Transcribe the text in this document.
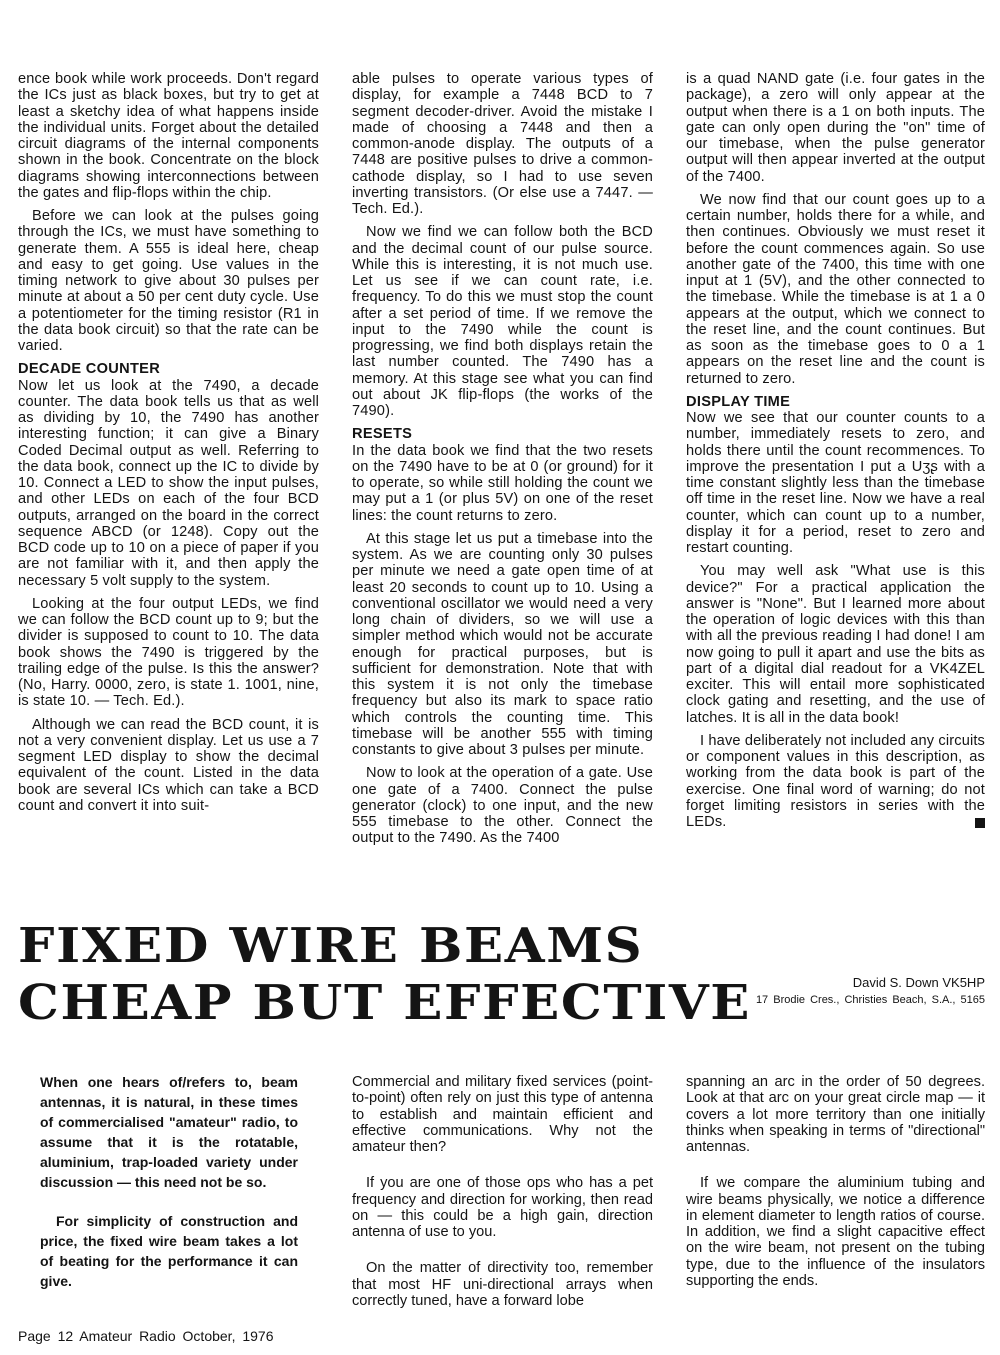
ence book while work proceeds. Don't regard the ICs just as black boxes, but try to get at least a sketchy idea of what happens inside the individual units. Forget about the detailed circuit diagrams of the internal components shown in the book. Concentrate on the block diagrams showing interconnections between the gates and flip-flops within the chip.

Before we can look at the pulses going through the ICs, we must have something to generate them. A 555 is ideal here, cheap and easy to get going. Use values in the timing network to give about 30 pulses per minute at about a 50 per cent duty cycle. Use a potentiometer for the timing resistor (R1 in the data book circuit) so that the rate can be varied.

DECADE COUNTER

Now let us look at the 7490, a decade counter. The data book tells us that as well as dividing by 10, the 7490 has another interesting function; it can give a Binary Coded Decimal output as well. Referring to the data book, connect up the IC to divide by 10. Connect a LED to show the input pulses, and other LEDs on each of the four BCD outputs, arranged on the board in the correct sequence ABCD (or 1248). Copy out the BCD code up to 10 on a piece of paper if you are not familiar with it, and then apply the necessary 5 volt supply to the system.

Looking at the four output LEDs, we find we can follow the BCD count up to 9; but the divider is supposed to count to 10. The data book shows the 7490 is triggered by the trailing edge of the pulse. Is this the answer? (No, Harry. 0000, zero, is state 1. 1001, nine, is state 10. — Tech. Ed.).

Although we can read the BCD count, it is not a very convenient display. Let us use a 7 segment LED display to show the decimal equivalent of the count. Listed in the data book are several ICs which can take a BCD count and convert it into suit-

able pulses to operate various types of display, for example a 7448 BCD to 7 segment decoder-driver. Avoid the mistake I made of choosing a 7448 and then a common-anode display. The outputs of a 7448 are positive pulses to drive a common-cathode display, so I had to use seven inverting transistors. (Or else use a 7447. — Tech. Ed.).

Now we find we can follow both the BCD and the decimal count of our pulse source. While this is interesting, it is not much use. Let us see if we can count rate, i.e. frequency. To do this we must stop the count after a set period of time. If we remove the input to the 7490 while the count is progressing, we find both displays retain the last number counted. The 7490 has a memory. At this stage see what you can find out about JK flip-flops (the works of the 7490).

RESETS

In the data book we find that the two resets on the 7490 have to be at 0 (or ground) for it to operate, so while still holding the count we may put a 1 (or plus 5V) on one of the reset lines: the count returns to zero.

At this stage let us put a timebase into the system. As we are counting only 30 pulses per minute we need a gate open time of at least 20 seconds to count up to 10. Using a conventional oscillator we would need a very long chain of dividers, so we will use a simpler method which would not be accurate enough for practical purposes, but is sufficient for demonstration. Note that with this system it is not only the timebase frequency but also its mark to space ratio which controls the counting time. This timebase will be another 555 with timing constants to give about 3 pulses per minute.

Now to look at the operation of a gate. Use one gate of a 7400. Connect the pulse generator (clock) to one input, and the new 555 timebase to the other. Connect the output to the 7490. As the 7400

is a quad NAND gate (i.e. four gates in the package), a zero will only appear at the output when there is a 1 on both inputs. The gate can only open during the "on" time of our timebase, when the pulse generator output will then appear inverted at the output of the 7400.

We now find that our count goes up to a certain number, holds there for a while, and then continues. Obviously we must reset it before the count commences again. So use another gate of the 7400, this time with one input at 1 (5V), and the other connected to the timebase. While the timebase is at 1 a 0 appears at the output, which we connect to the reset line, and the count continues. But as soon as the timebase goes to 0 a 1 appears on the reset line and the count is returned to zero.

DISPLAY TIME

Now we see that our counter counts to a number, immediately resets to zero, and holds there until the count recommences. To improve the presentation I put a Uʒʂ with a time constant slightly less than the timebase off time in the reset line. Now we have a real counter, which can count up to a number, display it for a period, reset to zero and restart counting.

You may well ask "What use is this device?" For a practical application the answer is "None". But I learned more about the operation of logic devices with this than with all the previous reading I had done! I am now going to pull it apart and use the bits as part of a digital dial readout for a VK4ZEL exciter. This will entail more sophisticated clock gating and resetting, and the use of latches. It is all in the data book!

I have deliberately not included any circuits or component values in this description, as working from the data book is part of the exercise. One final word of warning; do not forget limiting resistors in series with the LEDs.

FIXED WIRE BEAMS
CHEAP BUT EFFECTIVE	David S. Down VK5HP
17 Brodie Cres., Christies Beach, S.A., 5165

When one hears of/refers to, beam antennas, it is natural, in these times of commercialised "amateur" radio, to assume that it is the rotatable, aluminium, trap-loaded variety under discussion — this need not be so.

For simplicity of construction and price, the fixed wire beam takes a lot of beating for the performance it can give.

Commercial and military fixed services (point-to-point) often rely on just this type of antenna to establish and maintain efficient and effective communications. Why not the amateur then?

If you are one of those ops who has a pet frequency and direction for working, then read on — this could be a high gain, direction antenna of use to you.

On the matter of directivity too, remember that most HF uni-directional arrays when correctly tuned, have a forward lobe

spanning an arc in the order of 50 degrees. Look at that arc on your great circle map — it covers a lot more territory than one initially thinks when speaking in terms of "directional" antennas.

If we compare the aluminium tubing and wire beams physically, we notice a difference in element diameter to length ratios of course. In addition, we find a slight capacitive effect on the wire beam, not present on the tubing type, due to the influence of the insulators supporting the ends.

Page 12 Amateur Radio October, 1976
